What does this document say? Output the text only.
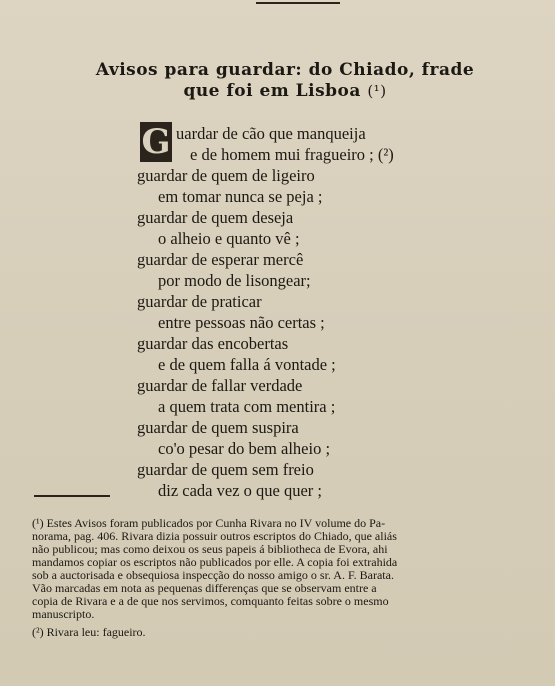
Avisos para guardar: do Chiado, frade
que foi em Lisboa (¹)
G uardar de cão que manqueija
e de homem mui fragueiro ; (²)
guardar de quem de ligeiro
em tomar nunca se peja ;
guardar de quem deseja
o alheio e quanto vê ;
guardar de esperar mercê
por modo de lisongear;
guardar de praticar
entre pessoas não certas ;
guardar das encobertas
e de quem falla á vontade ;
guardar de fallar verdade
a quem trata com mentira ;
guardar de quem suspira
co'o pesar do bem alheio ;
guardar de quem sem freio
diz cada vez o que quer ;

(¹) Estes Avisos foram publicados por Cunha Rivara no IV volume do Pa-

norama, pag. 406. Rivara dizia possuir outros escriptos do Chiado, que aliás

não publicou; mas como deixou os seus papeis á bibliotheca de Evora, ahi

mandamos copiar os escriptos não publicados por elle. A copia foi extrahida

sob a auctorisada e obsequiosa inspecção do nosso amigo o sr. A. F. Barata.

Vão marcadas em nota as pequenas differenças que se observam entre a

copia de Rivara e a de que nos servimos, comquanto feitas sobre o mesmo

manuscripto.

(²) Rivara leu: fagueiro.
